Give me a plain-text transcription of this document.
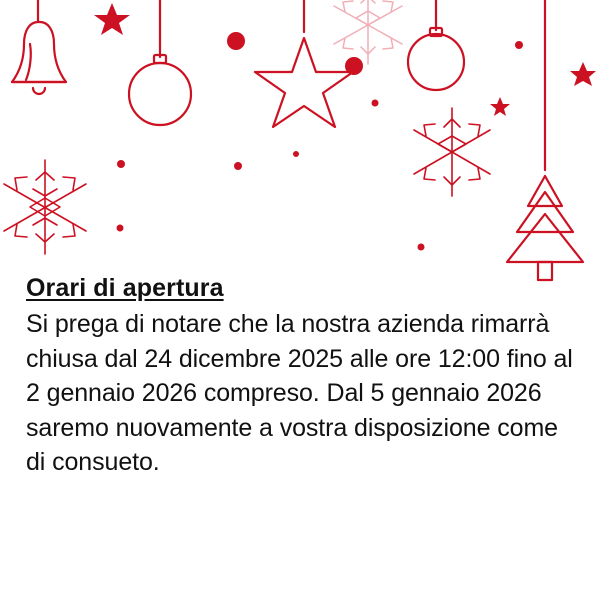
Orari di apertura

Si prega di notare che la nostra azienda rimarrà chiusa dal 24 dicembre 2025 alle ore 12:00 fino al 2 gennaio 2026 compreso. Dal 5 gennaio 2026 saremo nuovamente a vostra disposizione come di consueto.
